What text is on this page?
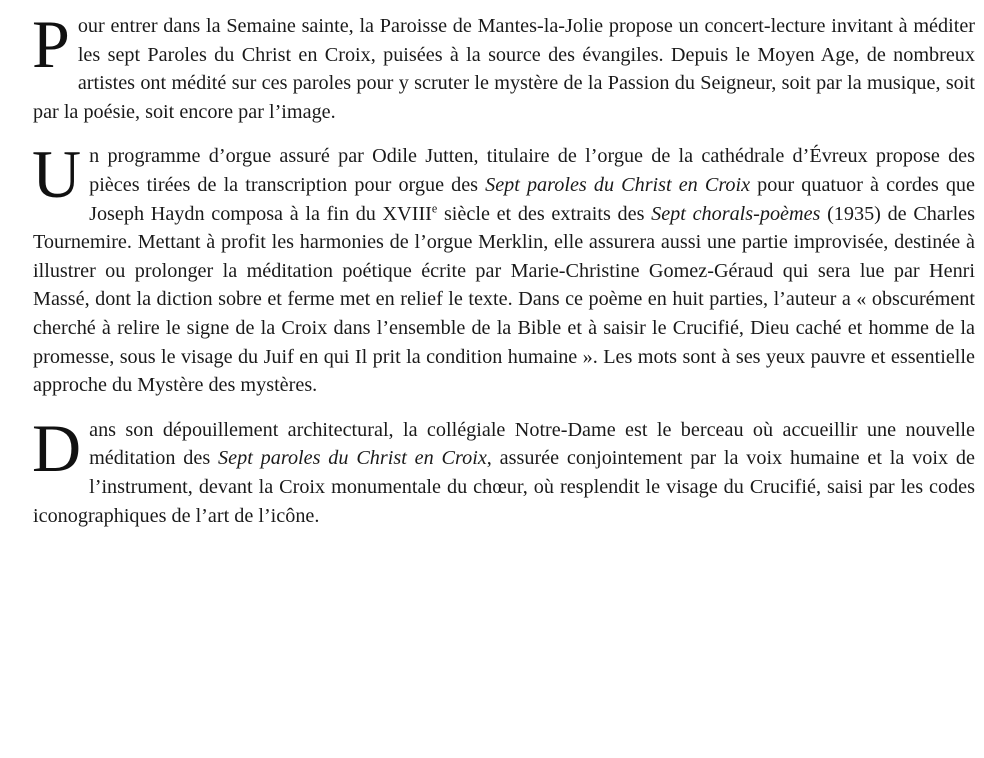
Pour entrer dans la Semaine sainte, la Paroisse de Mantes-la-Jolie propose un concert-lecture invitant à méditer les sept Paroles du Christ en Croix, puisées à la source des évangiles. Depuis le Moyen Age, de nombreux artistes ont médité sur ces paroles pour y scruter le mystère de la Passion du Seigneur, soit par la musique, soit par la poésie, soit encore par l’image.

Un programme d’orgue assuré par Odile Jutten, titulaire de l’orgue de la cathédrale d’Évreux propose des pièces tirées de la transcription pour orgue des Sept paroles du Christ en Croix pour quatuor à cordes que Joseph Haydn composa à la fin du XVIIIe siècle et des extraits des Sept chorals-poèmes (1935) de Charles Tournemire. Mettant à profit les harmonies de l’orgue Merklin, elle assurera aussi une partie improvisée, destinée à illustrer ou prolonger la méditation poétique écrite par Marie-Christine Gomez-Géraud qui sera lue par Henri Massé, dont la diction sobre et ferme met en relief le texte. Dans ce poème en huit parties, l’auteur a « obscurément cherché à relire le signe de la Croix dans l’ensemble de la Bible et à saisir le Crucifié, Dieu caché et homme de la promesse, sous le visage du Juif en qui Il prit la condition humaine ». Les mots sont à ses yeux pauvre et essentielle approche du Mystère des mystères.

Dans son dépouillement architectural, la collégiale Notre-Dame est le berceau où accueillir une nouvelle méditation des Sept paroles du Christ en Croix, assurée conjointement par la voix humaine et la voix de l’instrument, devant la Croix monumentale du chœur, où resplendit le visage du Crucifié, saisi par les codes iconographiques de l’art de l’icône.
